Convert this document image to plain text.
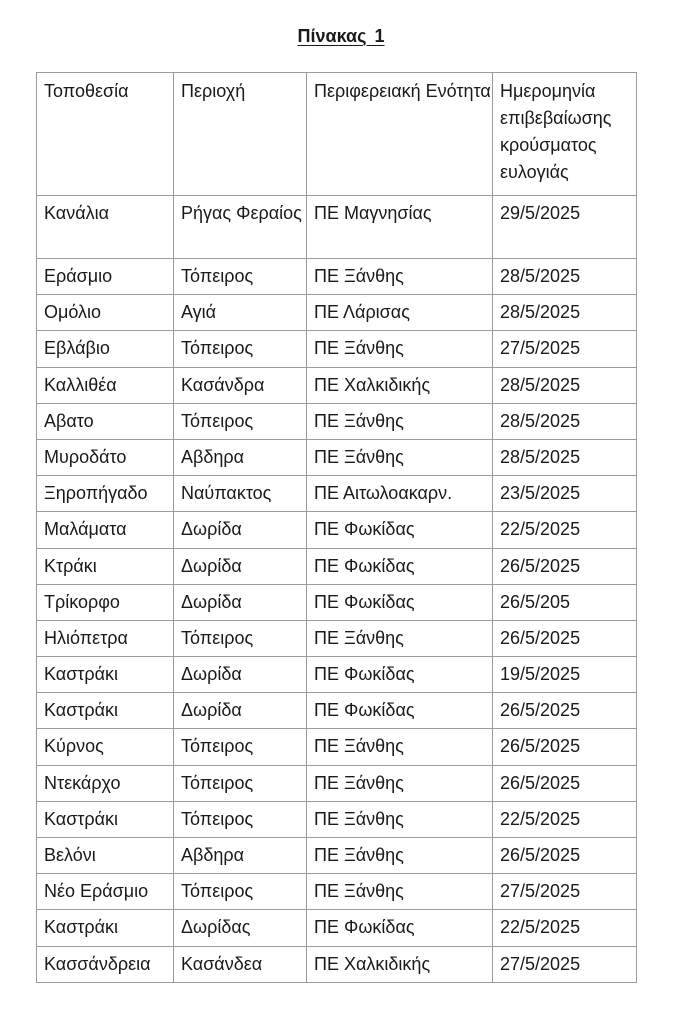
Πίνακας 1
Τοποθεσία	Περιοχή	Περιφερειακή Ενότητα	Ημερομηνία επιβεβαίωσης κρούσματος ευλογιάς
Κανάλια	Ρήγας Φεραίος	ΠΕ Μαγνησίας	29/5/2025
Εράσμιο	Τόπειρος	ΠΕ Ξάνθης	28/5/2025
Ομόλιο	Αγιά	ΠΕ Λάρισας	28/5/2025
Εβλάβιο	Τόπειρος	ΠΕ Ξάνθης	27/5/2025
Καλλιθέα	Κασάνδρα	ΠΕ Χαλκιδικής	28/5/2025
Αβατο	Τόπειρος	ΠΕ Ξάνθης	28/5/2025
Μυροδάτο	Αβδηρα	ΠΕ Ξάνθης	28/5/2025
Ξηροπήγαδο	Ναύπακτος	ΠΕ Αιτωλοακαρν.	23/5/2025
Μαλάματα	Δωρίδα	ΠΕ Φωκίδας	22/5/2025
Κτράκι	Δωρίδα	ΠΕ Φωκίδας	26/5/2025
Τρίκορφο	Δωρίδα	ΠΕ Φωκίδας	26/5/205
Ηλιόπετρα	Τόπειρος	ΠΕ Ξάνθης	26/5/2025
Καστράκι	Δωρίδα	ΠΕ Φωκίδας	19/5/2025
Καστράκι	Δωρίδα	ΠΕ Φωκίδας	26/5/2025
Κύρνος	Τόπειρος	ΠΕ Ξάνθης	26/5/2025
Ντεκάρχο	Τόπειρος	ΠΕ Ξάνθης	26/5/2025
Καστράκι	Τόπειρος	ΠΕ Ξάνθης	22/5/2025
Βελόνι	Αβδηρα	ΠΕ Ξάνθης	26/5/2025
Νέο Εράσμιο	Τόπειρος	ΠΕ Ξάνθης	27/5/2025
Καστράκι	Δωρίδας	ΠΕ Φωκίδας	22/5/2025
Κασσάνδρεια	Κασάνδεα	ΠΕ Χαλκιδικής	27/5/2025
